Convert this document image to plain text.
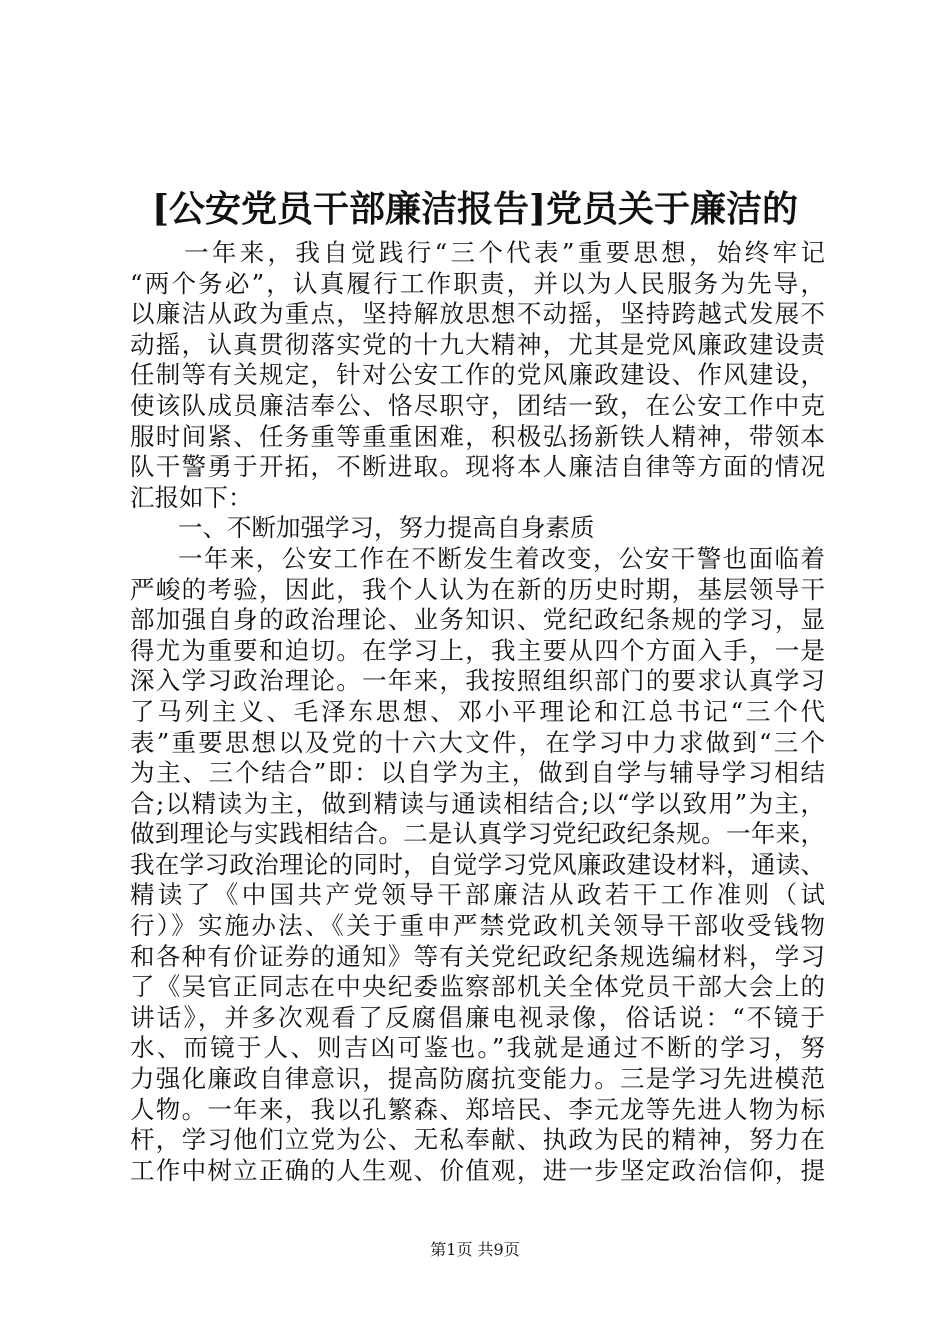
[公安党员干部廉洁报告]党员关于廉洁的
一年来，我自觉践行“三个代表”重要思想，始终牢记
“两个务必”，认真履行工作职责，并以为人民服务为先导，
以廉洁从政为重点，坚持解放思想不动摇，坚持跨越式发展不
动摇，认真贯彻落实党的十九大精神，尤其是党风廉政建设责
任制等有关规定，针对公安工作的党风廉政建设、作风建设，
使该队成员廉洁奉公、恪尽职守，团结一致，在公安工作中克
服时间紧、任务重等重重困难，积极弘扬新铁人精神，带领本
队干警勇于开拓，不断进取。现将本人廉洁自律等方面的情况
汇报如下：
一、不断加强学习，努力提高自身素质
一年来，公安工作在不断发生着改变，公安干警也面临着
严峻的考验，因此，我个人认为在新的历史时期，基层领导干
部加强自身的政治理论、业务知识、党纪政纪条规的学习，显
得尤为重要和迫切。在学习上，我主要从四个方面入手，一是
深入学习政治理论。一年来，我按照组织部门的要求认真学习
了马列主义、毛泽东思想、邓小平理论和江总书记“三个代
表”重要思想以及党的十六大文件，在学习中力求做到“三个
为主、三个结合”即：以自学为主，做到自学与辅导学习相结
合;以精读为主，做到精读与通读相结合;以“学以致用”为主，
做到理论与实践相结合。二是认真学习党纪政纪条规。一年来，
我在学习政治理论的同时，自觉学习党风廉政建设材料，通读、
精读了《中国共产党领导干部廉洁从政若干工作准则（试
行）》实施办法、《关于重申严禁党政机关领导干部收受钱物
和各种有价证券的通知》等有关党纪政纪条规选编材料，学习
了《吴官正同志在中央纪委监察部机关全体党员干部大会上的
讲话》，并多次观看了反腐倡廉电视录像，俗话说：“不镜于
水、而镜于人、则吉凶可鉴也。”我就是通过不断的学习，努
力强化廉政自律意识，提高防腐抗变能力。三是学习先进模范
人物。一年来，我以孔繁森、郑培民、李元龙等先进人物为标
杆，学习他们立党为公、无私奉献、执政为民的精神，努力在
工作中树立正确的人生观、价值观，进一步坚定政治信仰，提
第1页 共9页
